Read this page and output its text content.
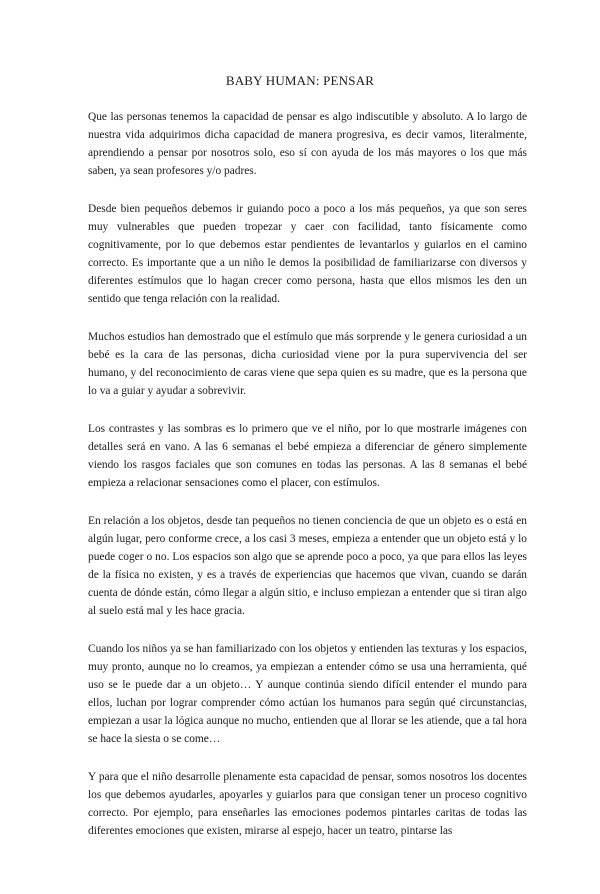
BABY HUMAN: PENSAR

Que las personas tenemos la capacidad de pensar es algo indiscutible y absoluto. A lo largo de nuestra vida adquirimos dicha capacidad de manera progresiva, es decir vamos, literalmente, aprendiendo a pensar por nosotros solo, eso sí con ayuda de los más mayores o los que más saben, ya sean profesores y/o padres.

Desde bien pequeños debemos ir guiando poco a poco a los más pequeños, ya que son seres muy vulnerables que pueden tropezar y caer con facilidad, tanto físicamente como cognitivamente, por lo que debemos estar pendientes de levantarlos y guiarlos en el camino correcto. Es importante que a un niño le demos la posibilidad de familiarizarse con diversos y diferentes estímulos que lo hagan crecer como persona, hasta que ellos mismos les den un sentido que tenga relación con la realidad.

Muchos estudios han demostrado que el estímulo que más sorprende y le genera curiosidad a un bebé es la cara de las personas, dicha curiosidad viene por la pura supervivencia del ser humano, y del reconocimiento de caras viene que sepa quien es su madre, que es la persona que lo va a guiar y ayudar a sobrevivir.

Los contrastes y las sombras es lo primero que ve el niño, por lo que mostrarle imágenes con detalles será en vano. A las 6 semanas el bebé empieza a diferenciar de género simplemente viendo los rasgos faciales que son comunes en todas las personas. A las 8 semanas el bebé empieza a relacionar sensaciones como el placer, con estímulos.

En relación a los objetos, desde tan pequeños no tienen conciencia de que un objeto es o está en algún lugar, pero conforme crece, a los casi 3 meses, empieza a entender que un objeto está y lo puede coger o no. Los espacios son algo que se aprende poco a poco, ya que para ellos las leyes de la física no existen, y es a través de experiencias que hacemos que vivan, cuando se darán cuenta de dónde están, cómo llegar a algún sitio, e incluso empiezan a entender que si tiran algo al suelo está mal y les hace gracia.

Cuando los niños ya se han familiarizado con los objetos y entienden las texturas y los espacios, muy pronto, aunque no lo creamos, ya empiezan a entender cómo se usa una herramienta, qué uso se le puede dar a un objeto… Y aunque continúa siendo difícil entender el mundo para ellos, luchan por lograr comprender cómo actúan los humanos para según qué circunstancias, empiezan a usar la lógica aunque no mucho, entienden que al llorar se les atiende, que a tal hora se hace la siesta o se come…

Y para que el niño desarrolle plenamente esta capacidad de pensar, somos nosotros los docentes los que debemos ayudarles, apoyarles y guiarlos para que consigan tener un proceso cognitivo correcto. Por ejemplo, para enseñarles las emociones podemos pintarles caritas de todas las diferentes emociones que existen, mirarse al espejo, hacer un teatro, pintarse las
